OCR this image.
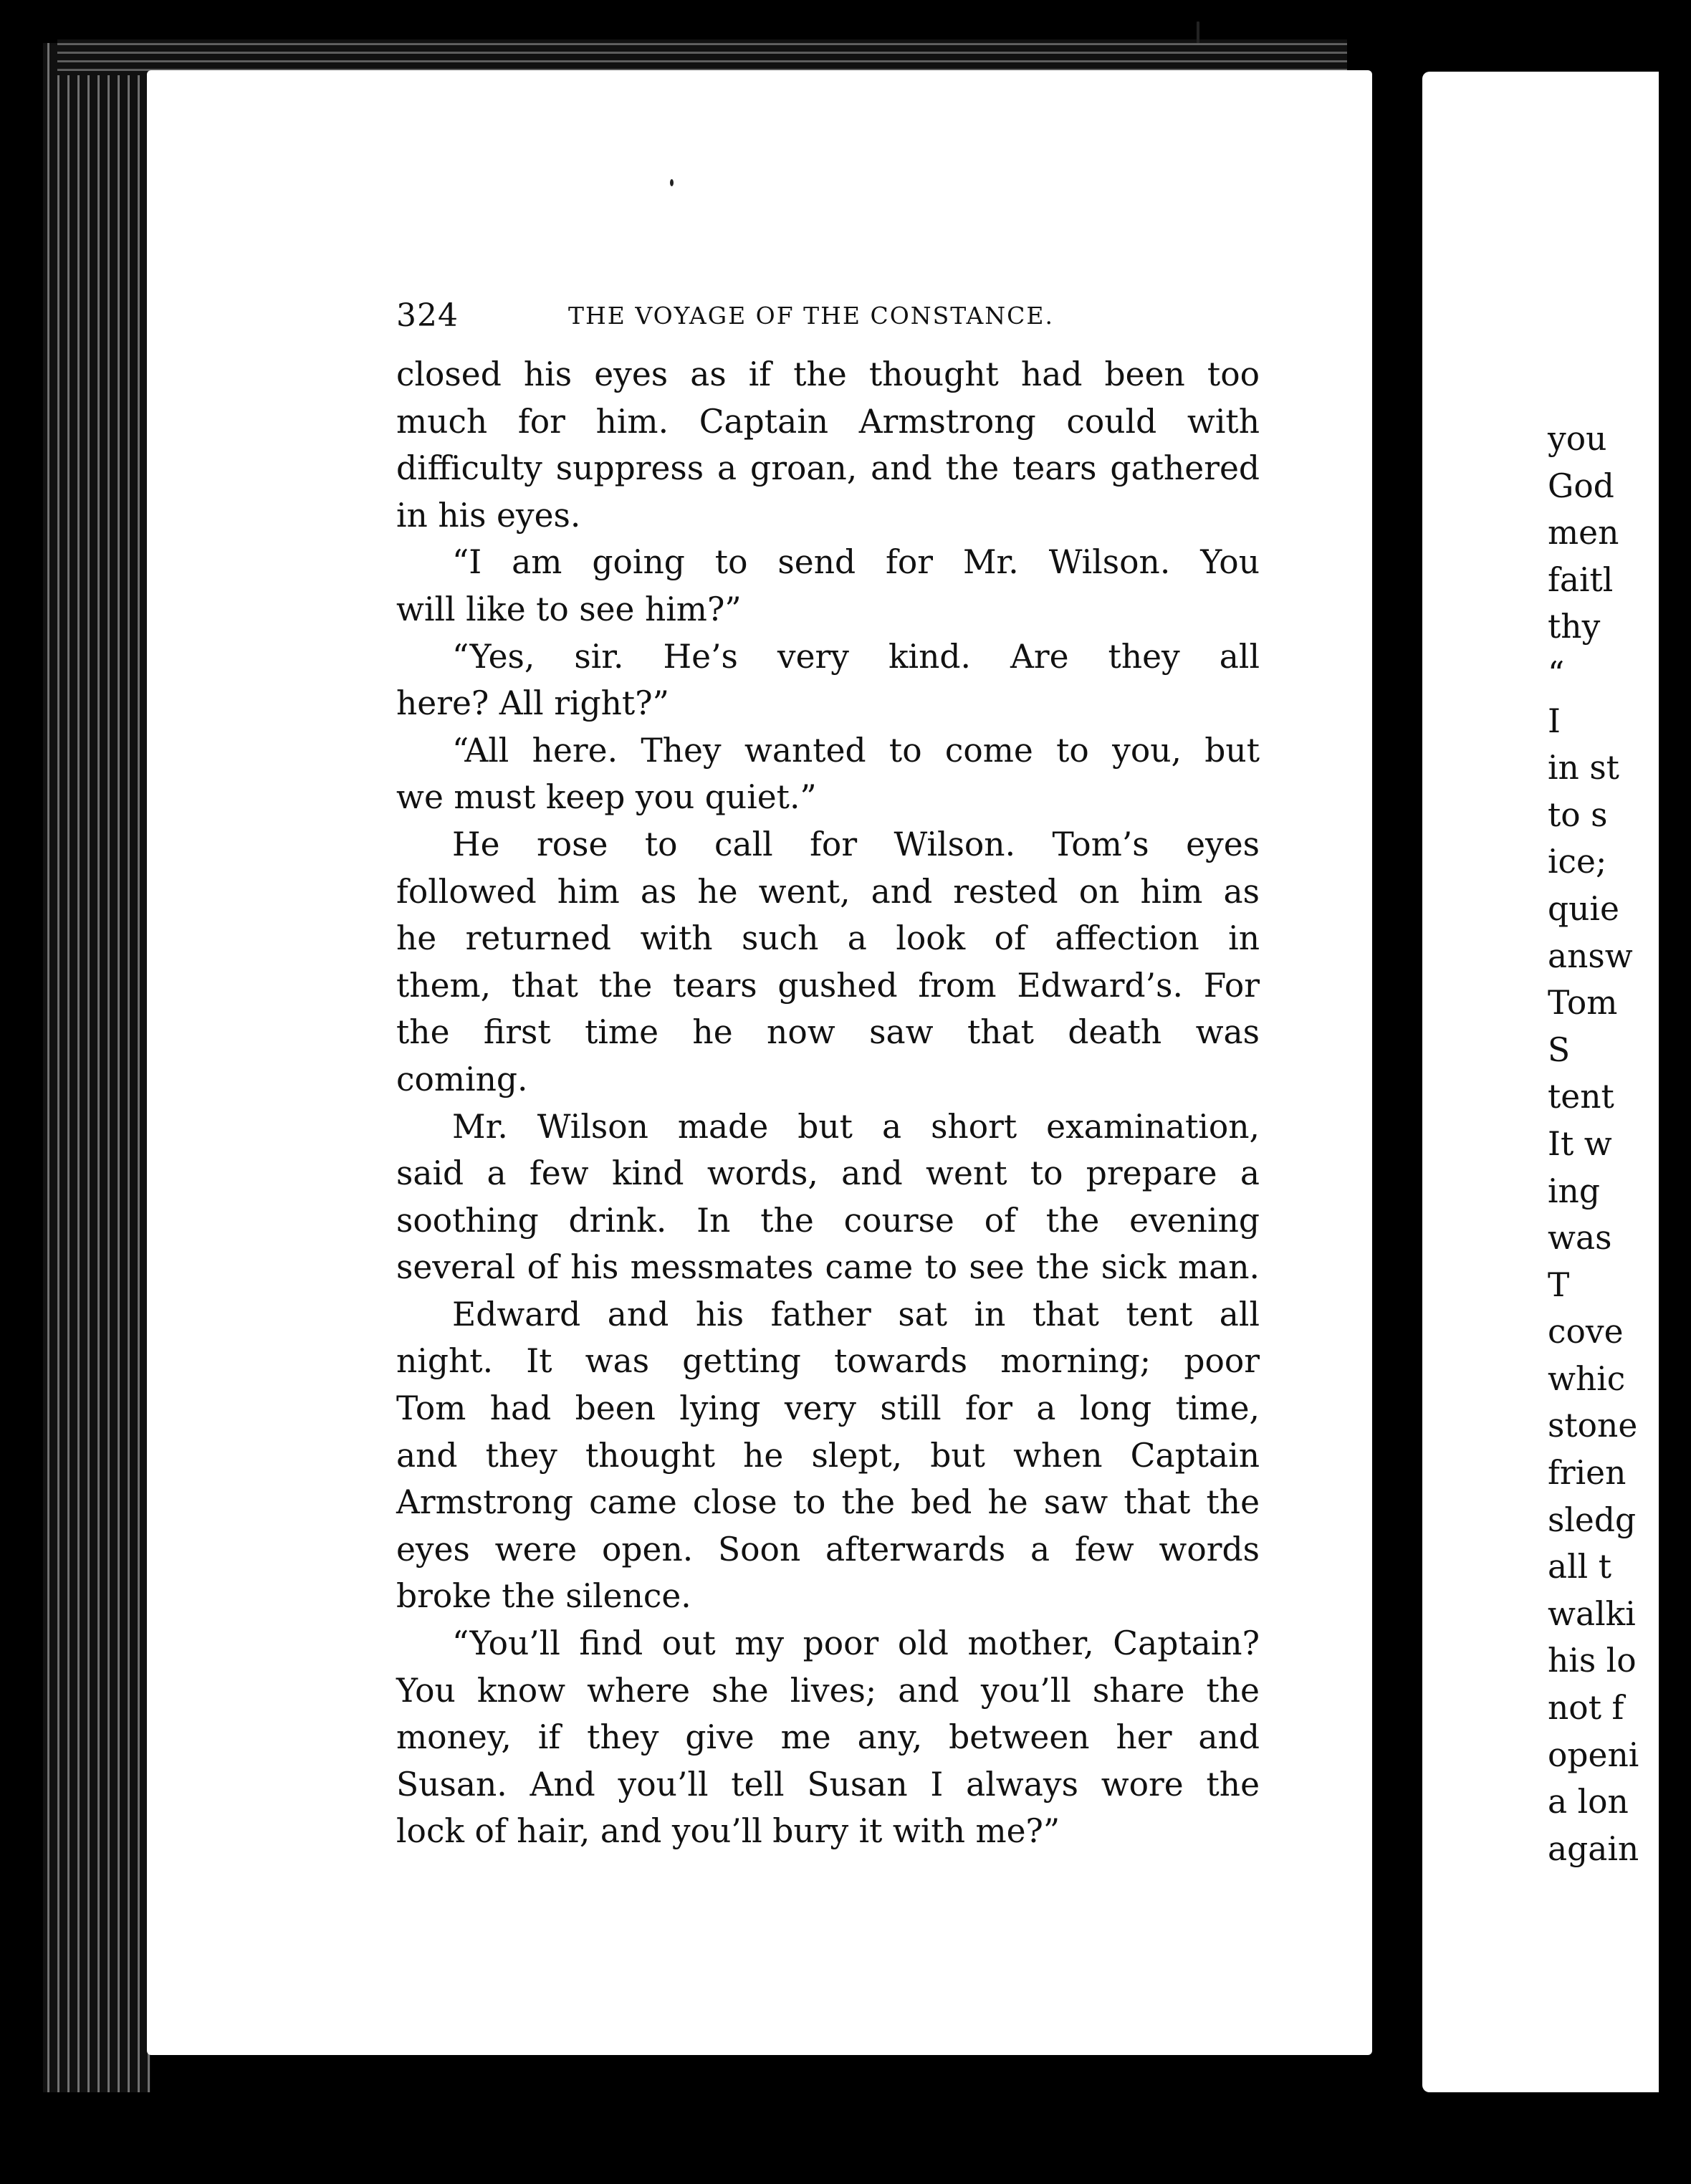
324	THE VOYAGE OF THE CONSTANCE.

closed his eyes as if the thought had been too

much for him. Captain Armstrong could with

difficulty suppress a groan, and the tears gathered

in his eyes.

“I am going to send for Mr. Wilson. You

will like to see him?”

“Yes, sir. He’s very kind. Are they all

here? All right?”

“All here. They wanted to come to you, but

we must keep you quiet.”

He rose to call for Wilson. Tom’s eyes

followed him as he went, and rested on him as

he returned with such a look of affection in

them, that the tears gushed from Edward’s. For

the first time he now saw that death was

coming.

Mr. Wilson made but a short examination,

said a few kind words, and went to prepare a

soothing drink. In the course of the evening

several of his messmates came to see the sick man.

Edward and his father sat in that tent all

night. It was getting towards morning; poor

Tom had been lying very still for a long time,

and they thought he slept, but when Captain

Armstrong came close to the bed he saw that the

eyes were open. Soon afterwards a few words

broke the silence.

“You’ll find out my poor old mother, Captain?

You know where she lives; and you’ll share the

money, if they give me any, between her and

Susan. And you’ll tell Susan I always wore the

lock of hair, and you’ll bury it with me?”

you
God
men
faitl
thy
“
I
in st
to s
ice;
quie
answ
Tom
S
tent
It w
ing
was
T
cove
whic
stone
frien
sledg
all t
walki
his lo
not f
openi
a lon
again
